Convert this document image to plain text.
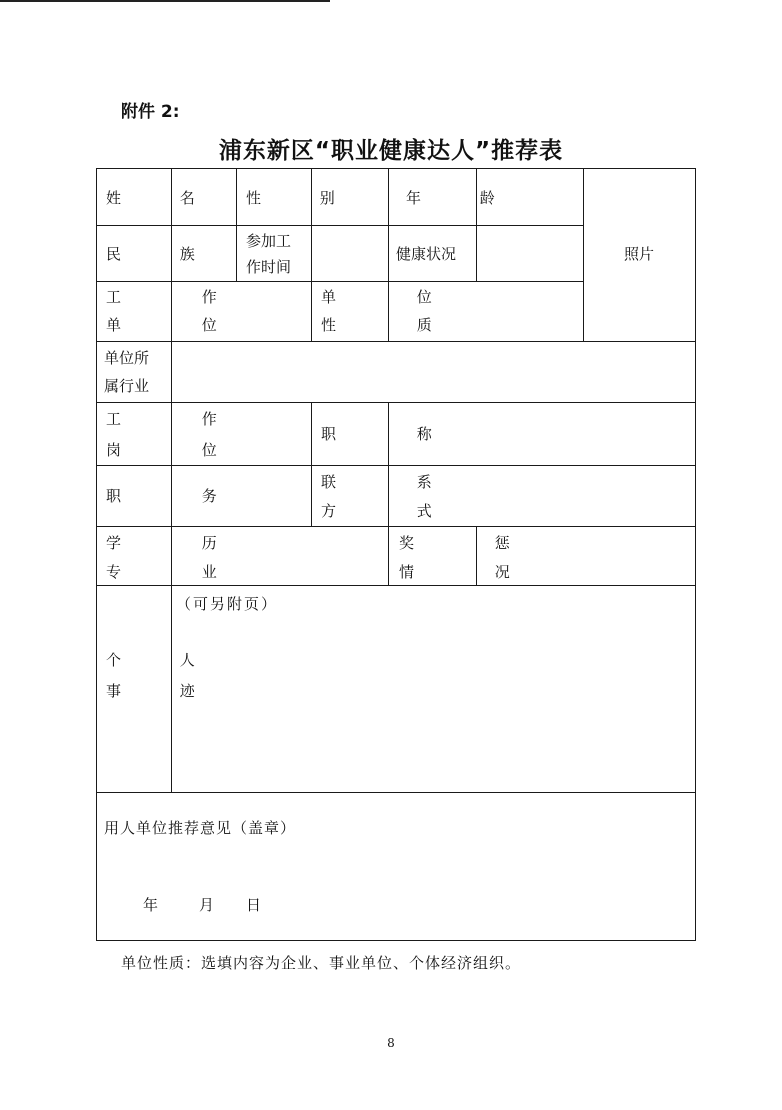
附件 2:
浦东新区“职业健康达人”推荐表
姓 名 性 别	年 龄
照片
民 族
参加工
作时间
健康状况
工 作
单 位
单 位
性 质
单位所
属行业
工 作
岗 位
职 称
职 务
联 系
方 式
学 历
专 业
奖 惩
情 况
（可另附页）
个 人
事 迹
用人单位推荐意见（盖章）
年	月 日
单位性质：选填内容为企业、事业单位、个体经济组织。
8
